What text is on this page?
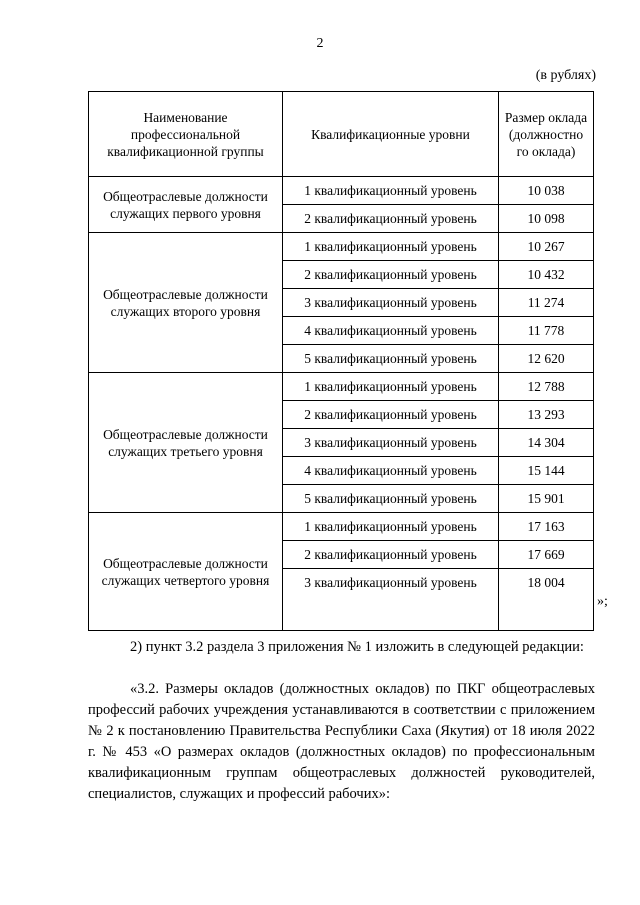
2
(в рублях)
Наименование профессиональной квалификационной группы	Квалификационные уровни	Размер оклада (должностно го оклада)
Общеотраслевые должности служащих первого уровня	1 квалификационный уровень	10 038
	2 квалификационный уровень	10 098
Общеотраслевые должности служащих второго уровня	1 квалификационный уровень	10 267
	2 квалификационный уровень	10 432
	3 квалификационный уровень	11 274
	4 квалификационный уровень	11 778
	5 квалификационный уровень	12 620
Общеотраслевые должности служащих третьего уровня	1 квалификационный уровень	12 788
	2 квалификационный уровень	13 293
	3 квалификационный уровень	14 304
	4 квалификационный уровень	15 144
	5 квалификационный уровень	15 901
Общеотраслевые должности служащих четвертого уровня	1 квалификационный уровень	17 163
	2 квалификационный уровень	17 669
	3 квалификационный уровень	18 004

»;

2) пункт 3.2 раздела 3 приложения № 1 изложить в следующей редакции:

«3.2. Размеры окладов (должностных окладов) по ПКГ общеотраслевых профессий рабочих учреждения устанавливаются в соответствии с приложением № 2 к постановлению Правительства Республики Саха (Якутия) от 18 июля 2022 г. № 453 «О размерах окладов (должностных окладов) по профессиональным квалификационным группам общеотраслевых должностей руководителей, специалистов, служащих и профессий рабочих»:
